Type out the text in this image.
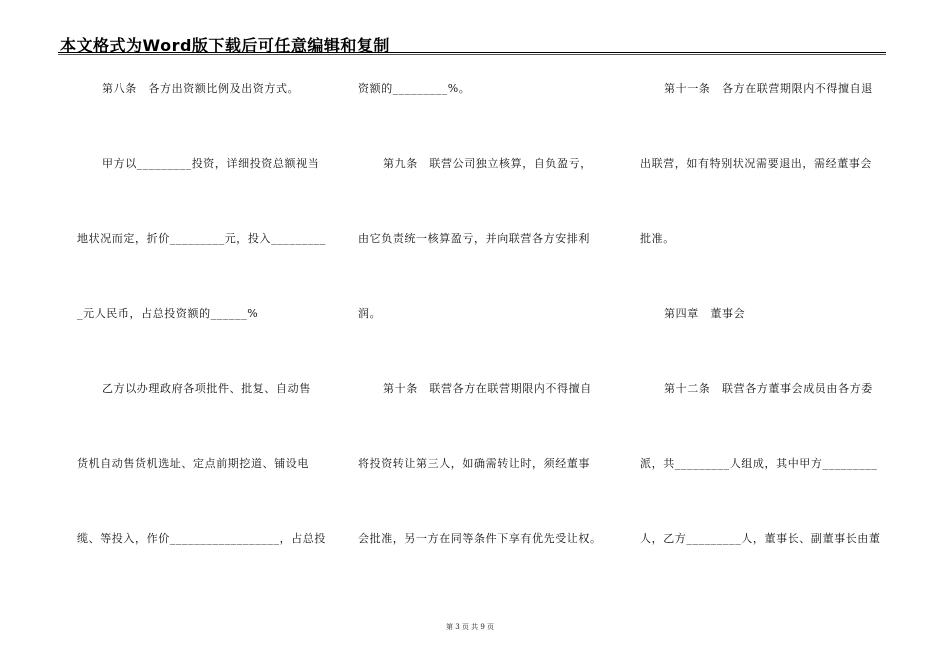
本文格式为Word版下载后可任意编辑和复制
第八条　各方出资额比例及出资方式。
甲方以_________投资，详细投资总额视当
地状况而定，折价_________元，投入_________
_元人民币，占总投资额的______%
乙方以办理政府各项批件、批复、自动售
货机自动售货机选址、定点前期挖道、铺设电
缆、等投入，作价__________________，占总投
资额的_________%。
第九条　联营公司独立核算，自负盈亏，
由它负责统一核算盈亏，并向联营各方安排利
润。
第十条　联营各方在联营期限内不得擅自
将投资转让第三人，如确需转让时，须经董事
会批准，另一方在同等条件下享有优先受让权。
第十一条　各方在联营期限内不得擅自退
出联营，如有特别状况需要退出，需经董事会
批准。
第四章　董事会
第十二条　联营各方董事会成员由各方委
派，共_________人组成，其中甲方_________
人，乙方_________人，董事长、副董事长由董
第 3 页 共 9 页
